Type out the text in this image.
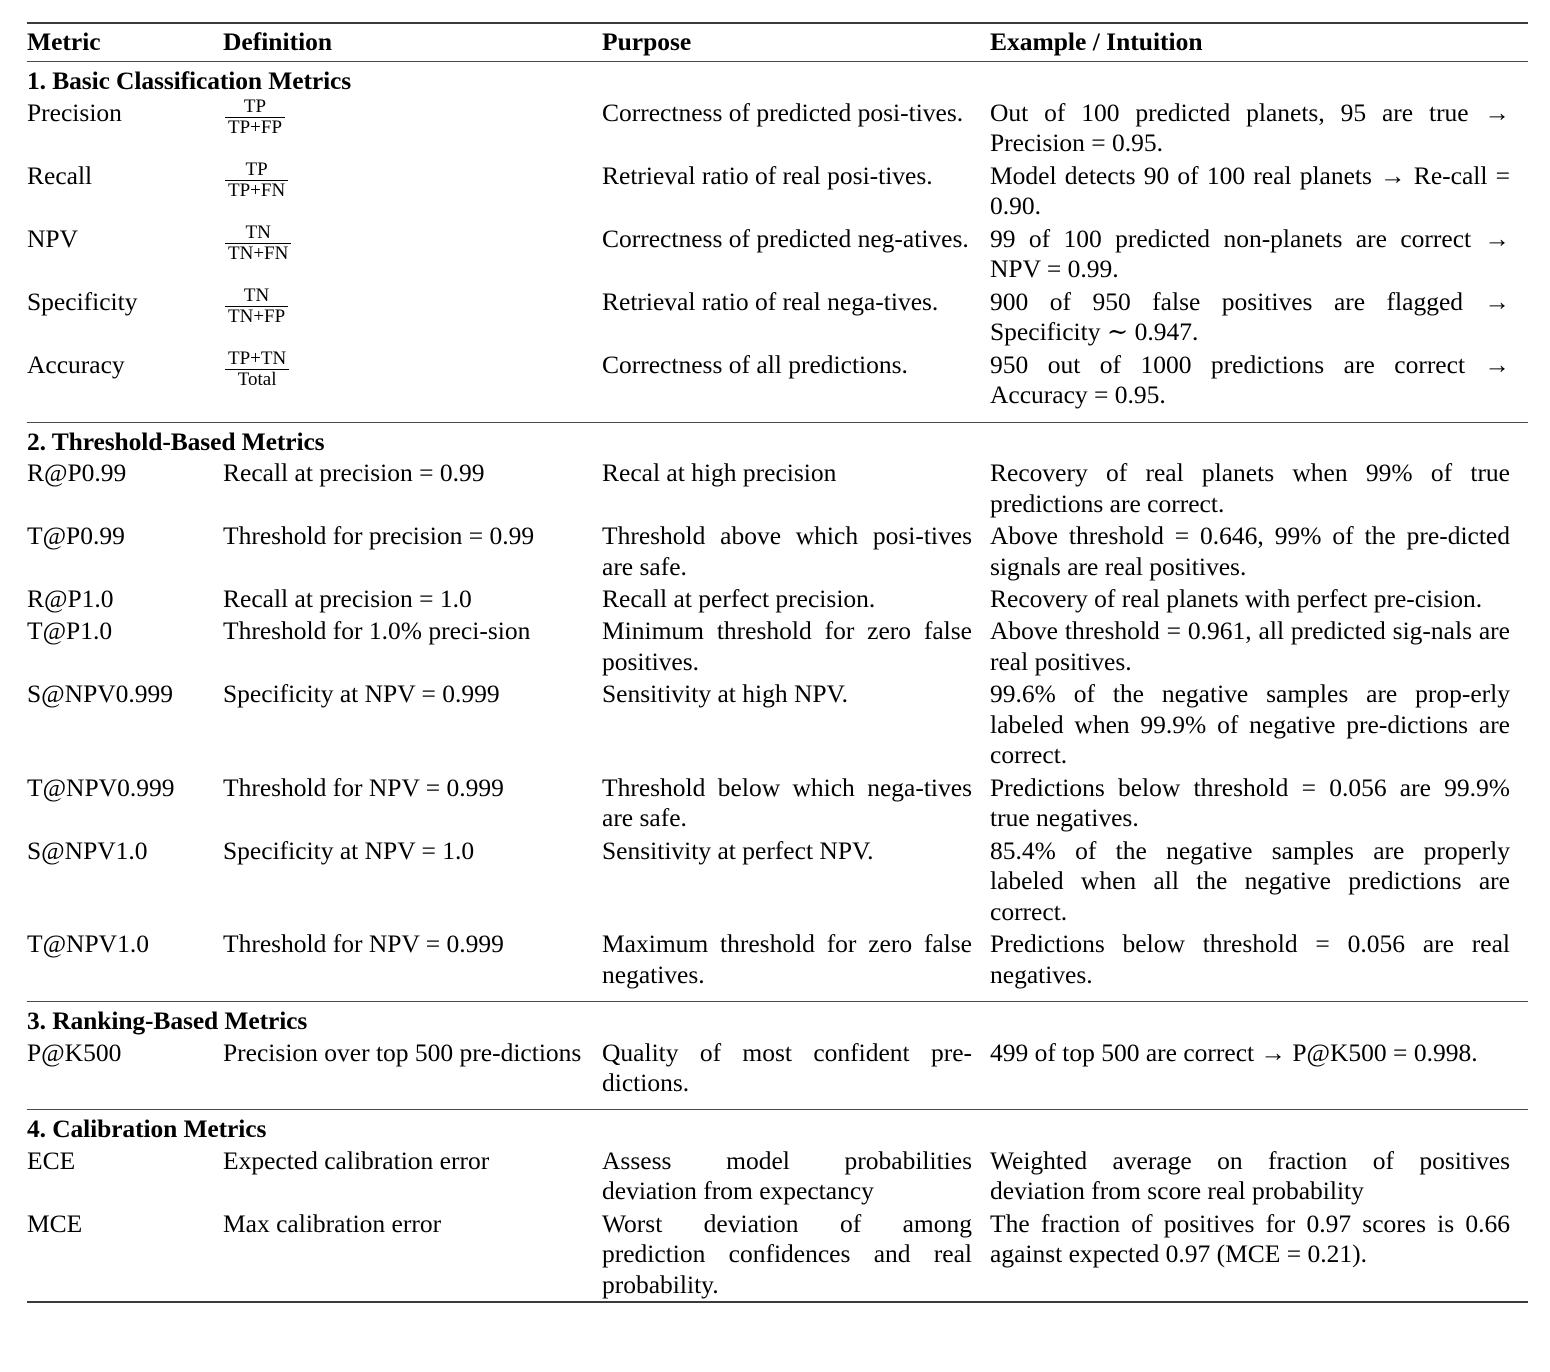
Metric	Definition	Purpose	Example / Intuition

1. Basic Classification Metrics			
Precision	$\frac{TP}{TP+FP}$	Correctness of predicted posi-tives.	Out of 100 predicted planets, 95 are true → Precision = 0.95.
Recall	$\frac{TP}{TP+FN}$	Retrieval ratio of real posi-tives.	Model detects 90 of 100 real planets → Re-call = 0.90.
NPV	$\frac{TN}{TN+FN}$	Correctness of predicted neg-atives.	99 of 100 predicted non-planets are correct → NPV = 0.99.
Specificity	$\frac{TN}{TN+FP}$	Retrieval ratio of real nega-tives.	900 of 950 false positives are flagged → Specificity ∼ 0.947.
Accuracy	$\frac{TP+TN}{\text{Total}}$	Correctness of all predictions.	950 out of 1000 predictions are correct → Accuracy = 0.95.

2. Threshold-Based Metrics			
R@P0.99	Recall at precision = 0.99	Recal at high precision	Recovery of real planets when 99% of true predictions are correct.
T@P0.99	Threshold for precision = 0.99	Threshold above which posi-tives are safe.	Above threshold = 0.646, 99% of the pre-dicted signals are real positives.
R@P1.0	Recall at precision = 1.0	Recall at perfect precision.	Recovery of real planets with perfect pre-cision.
T@P1.0	Threshold for 1.0% preci-sion	Minimum threshold for zero false positives.	Above threshold = 0.961, all predicted sig-nals are real positives.
S@NPV0.999	Specificity at NPV = 0.999	Sensitivity at high NPV.	99.6% of the negative samples are prop-erly labeled when 99.9% of negative pre-dictions are correct.
T@NPV0.999	Threshold for NPV = 0.999	Threshold below which nega-tives are safe.	Predictions below threshold = 0.056 are 99.9% true negatives.
S@NPV1.0	Specificity at NPV = 1.0	Sensitivity at perfect NPV.	85.4% of the negative samples are properly labeled when all the negative predictions are correct.
T@NPV1.0	Threshold for NPV = 0.999	Maximum threshold for zero false negatives.	Predictions below threshold = 0.056 are real negatives.

3. Ranking-Based Metrics			
P@K500	Precision over top 500 pre-dictions	Quality of most confident pre-dictions.	499 of top 500 are correct → P@K500 = 0.998.

4. Calibration Metrics			
ECE	Expected calibration error	Assess model probabilities deviation from expectancy	Weighted average on fraction of positives deviation from score real probability
MCE	Max calibration error	Worst deviation of among prediction confidences and real probability.	The fraction of positives for 0.97 scores is 0.66 against expected 0.97 (MCE = 0.21).
